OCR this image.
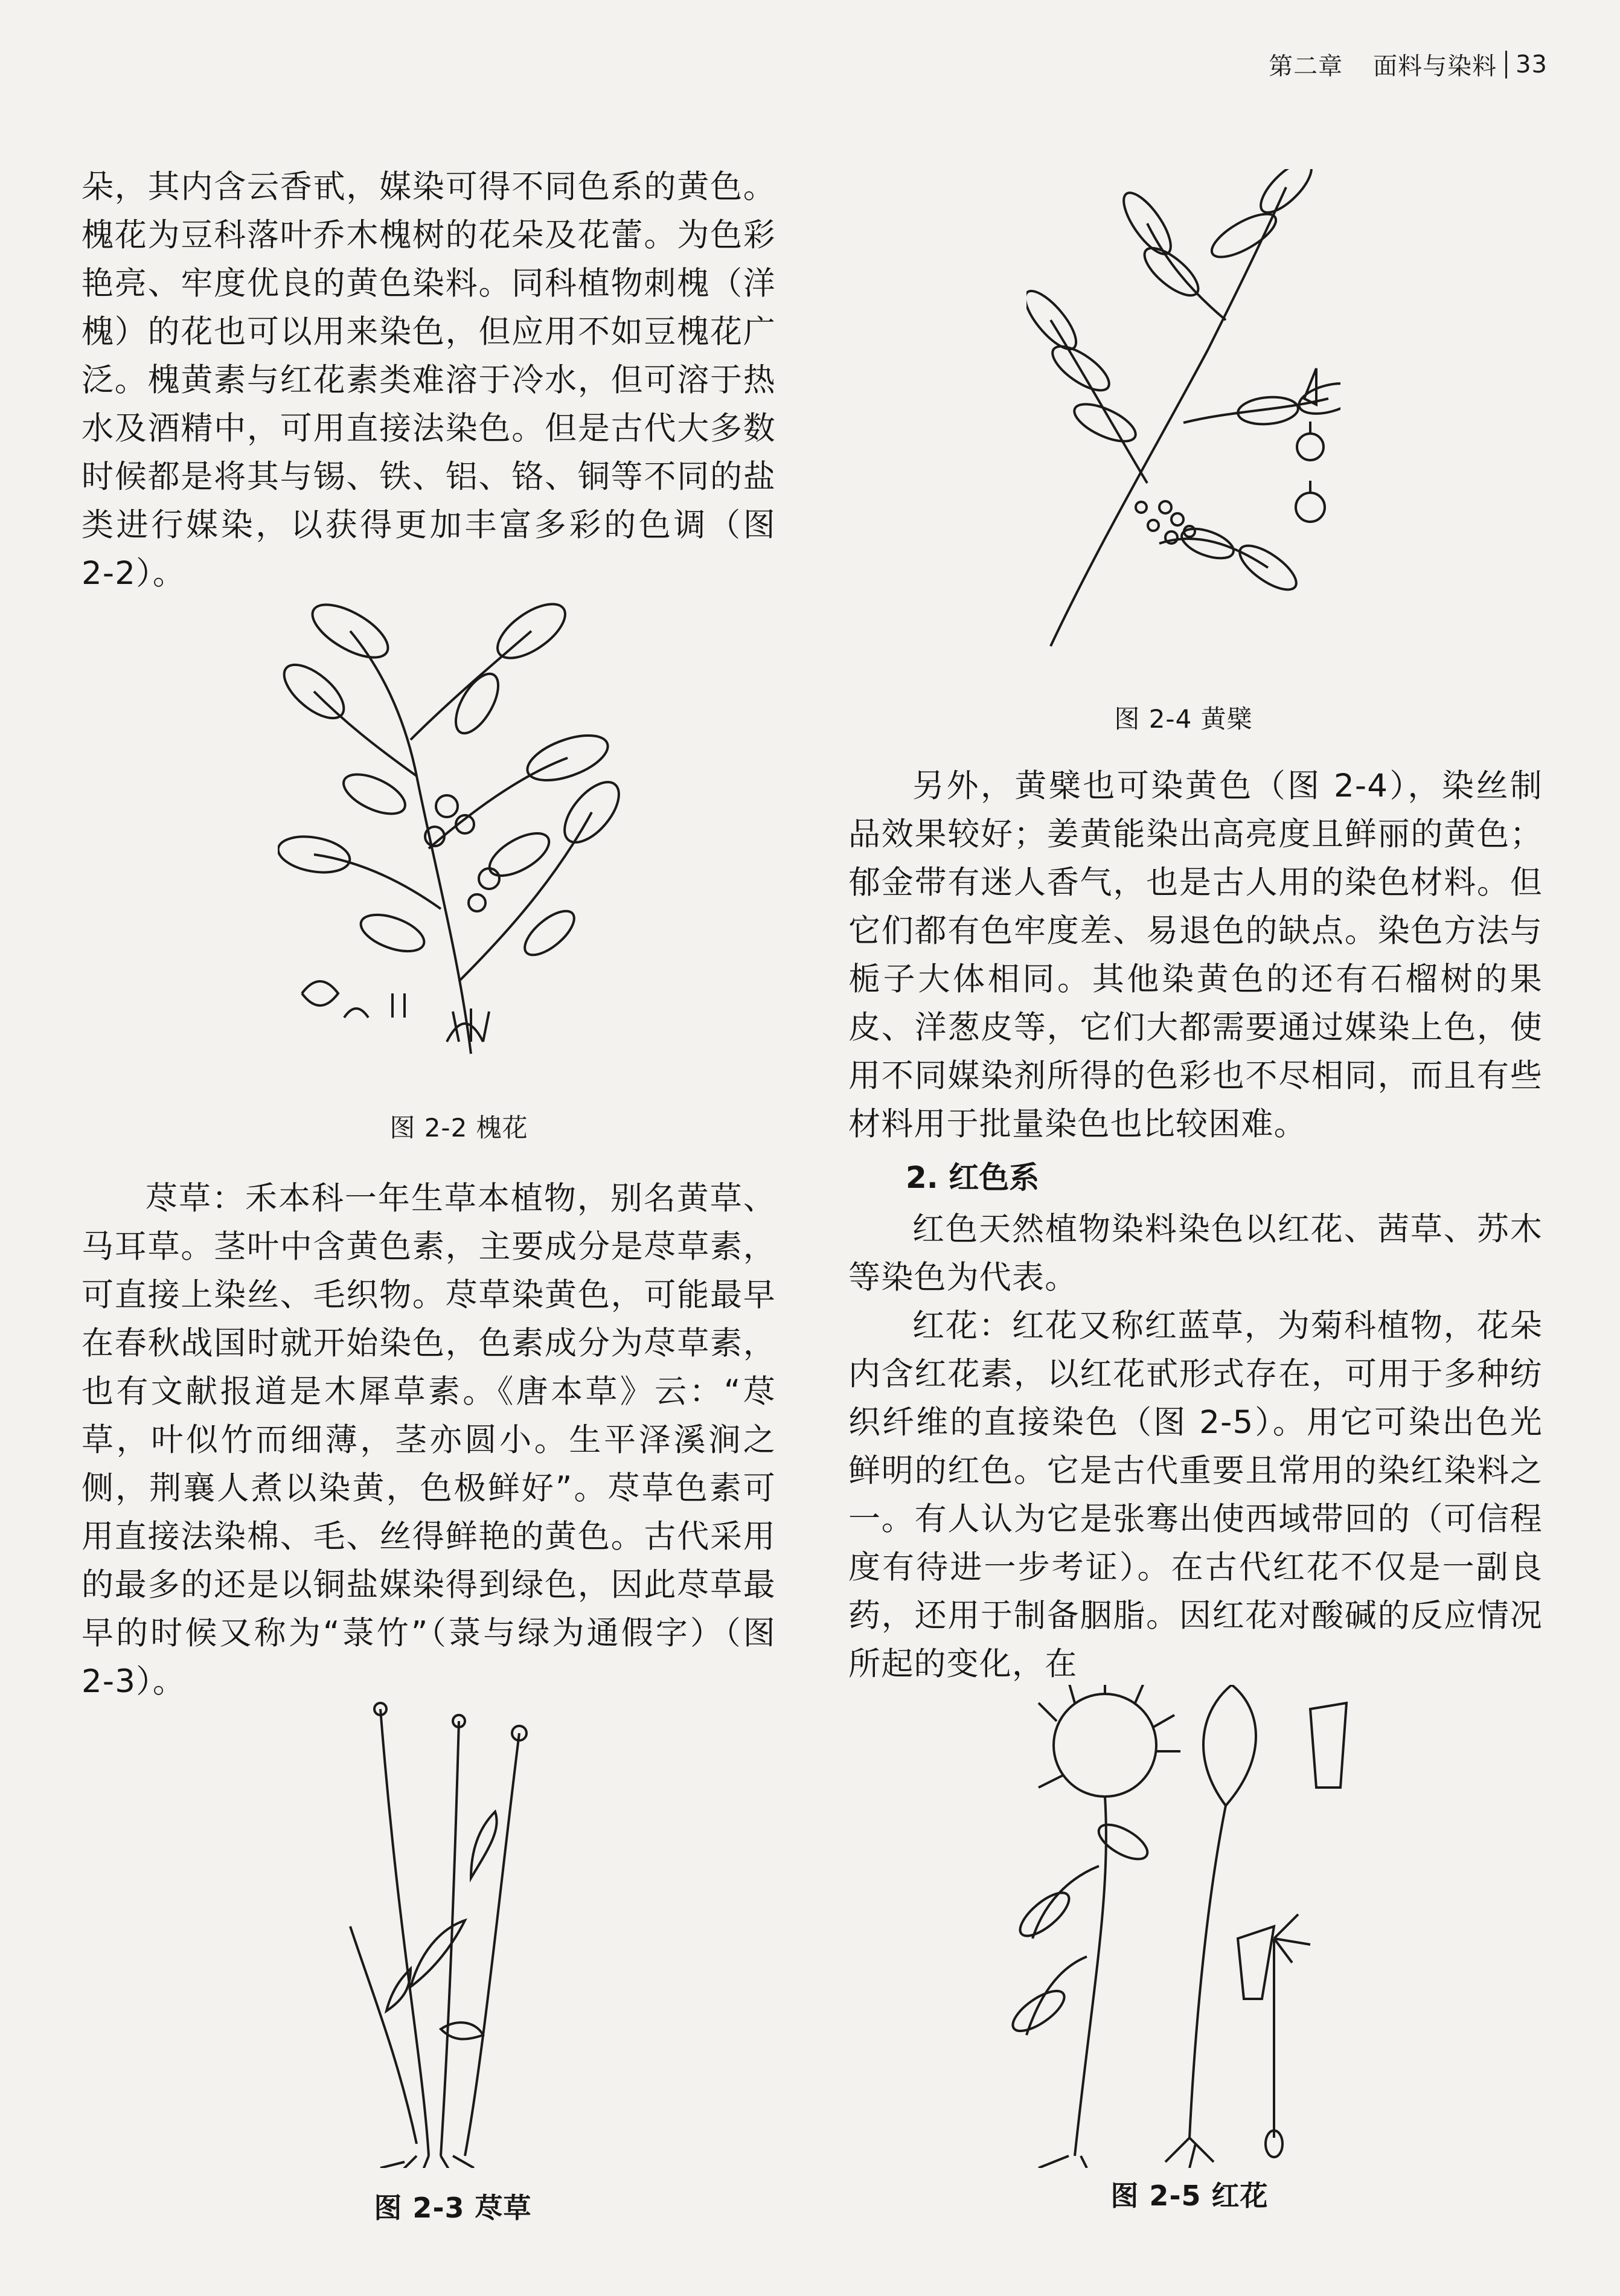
第二章 面料与染料 33

朵，其内含云香甙，媒染可得不同色系的黄色。槐花为豆科落叶乔木槐树的花朵及花蕾。为色彩艳亮、牢度优良的黄色染料。同科植物刺槐（洋槐）的花也可以用来染色，但应用不如豆槐花广泛。槐黄素与红花素类难溶于冷水，但可溶于热水及酒精中，可用直接法染色。但是古代大多数时候都是将其与锡、铁、铝、铬、铜等不同的盐类进行媒染，以获得更加丰富多彩的色调（图 2-2）。

图 2-2 槐花

荩草：禾本科一年生草本植物，别名黄草、马耳草。茎叶中含黄色素，主要成分是荩草素，可直接上染丝、毛织物。荩草染黄色，可能最早在春秋战国时就开始染色，色素成分为荩草素，也有文献报道是木犀草素。《唐本草》云：“荩草，叶似竹而细薄，茎亦圆小。生平泽溪涧之侧，荆襄人煮以染黄，色极鲜好”。荩草色素可用直接法染棉、毛、丝得鲜艳的黄色。古代采用的最多的还是以铜盐媒染得到绿色，因此荩草最早的时候又称为“菉竹”（菉与绿为通假字）（图 2-3）。

图 2-3 荩草
图 2-4 黄檗

另外，黄檗也可染黄色（图 2-4），染丝制品效果较好；姜黄能染出高亮度且鲜丽的黄色；郁金带有迷人香气，也是古人用的染色材料。但它们都有色牢度差、易退色的缺点。染色方法与栀子大体相同。其他染黄色的还有石榴树的果皮、洋葱皮等，它们大都需要通过媒染上色，使用不同媒染剂所得的色彩也不尽相同，而且有些材料用于批量染色也比较困难。

2. 红色系

红色天然植物染料染色以红花、茜草、苏木等染色为代表。

红花：红花又称红蓝草，为菊科植物，花朵内含红花素，以红花甙形式存在，可用于多种纺织纤维的直接染色（图 2-5）。用它可染出色光鲜明的红色。它是古代重要且常用的染红染料之一。有人认为它是张骞出使西域带回的（可信程度有待进一步考证）。在古代红花不仅是一副良药，还用于制备胭脂。因红花对酸碱的反应情况所起的变化，在

图 2-5 红花
